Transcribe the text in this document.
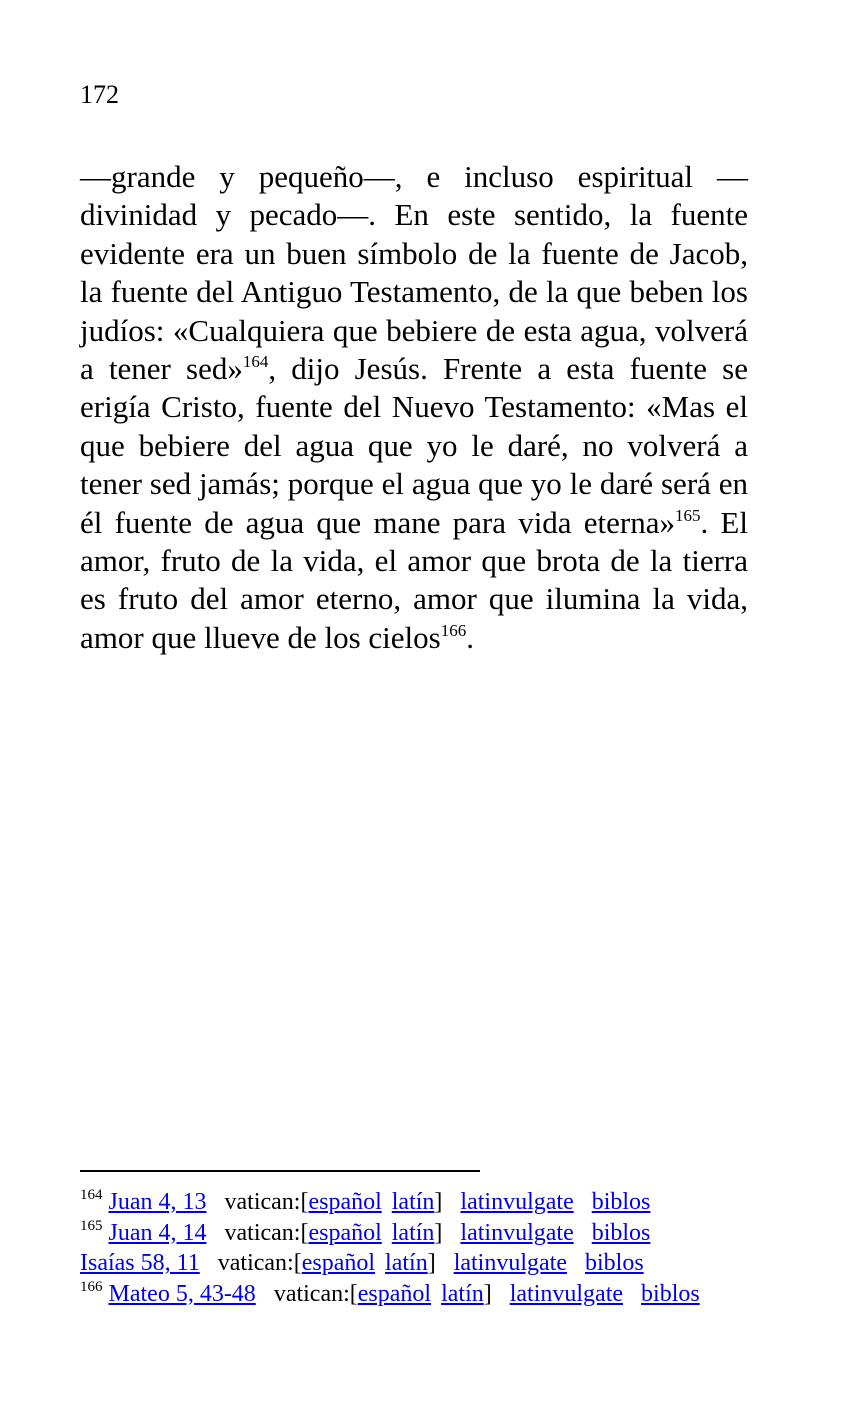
172

—grande y pequeño—, e incluso espiritual —divinidad y pecado—. En este sentido, la fuente evidente era un buen símbolo de la fuente de Jacob, la fuente del Antiguo Testamento, de la que beben los judíos: «Cualquiera que bebiere de esta agua, volverá a tener sed»$^{164}$, dijo Jesús. Frente a esta fuente se erigía Cristo, fuente del Nuevo Testamento: «Mas el que bebiere del agua que yo le daré, no volverá a tener sed jamás; porque el agua que yo le daré será en él fuente de agua que mane para vida eterna»$^{165}$. El amor, fruto de la vida, el amor que brota de la tierra es fruto del amor eterno, amor que ilumina la vida, amor que llueve de los cielos$^{166}$.

$^{164}$ Juan 4, 13 vatican:[español latín] latinvulgate biblos
$^{165}$ Juan 4, 14 vatican:[español latín] latinvulgate biblos
Isaías 58, 11 vatican:[español latín] latinvulgate biblos
$^{166}$ Mateo 5, 43-48 vatican:[español latín] latinvulgate biblos
